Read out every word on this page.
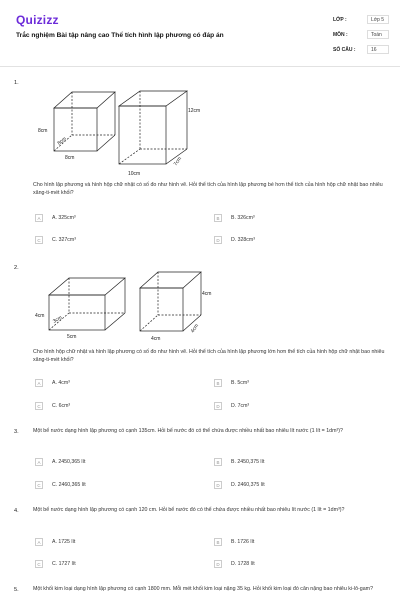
Quizizz
Trắc nghiệm Bài tập nâng cao Thể tích hình lập phương có đáp án
LỚP :	Lớp 5
MÔN :	Toán
SỐ CÂU :	16
1.
8cm
8cm
8cm
12cm
7cm
10cm
Cho hình lập phương và hình hộp chữ nhật có số đo như hình vẽ. Hỏi thể tích của hình lập phương bé hơn thể tích của hình hộp chữ nhật bao nhiêu xăng-ti-mét khối?
A	A. 325cm³	B	B. 326cm³
C	C. 327cm³	D	D. 328cm³
2.
4cm 3cm
5cm
4cm
4cm
4cm
Cho hình hộp chữ nhật và hình lập phương có số đo như hình vẽ. Hỏi thể tích của hình lập phương lớn hơn thể tích của hình hộp chữ nhật bao nhiêu xăng-ti-mét khối?
A	A. 4cm³	B	B. 5cm³
C	C. 6cm³	D	D. 7cm³
3.	Một bể nước dạng hình lập phương có cạnh 135cm. Hỏi bể nước đó có thể chứa được nhiều nhất bao nhiêu lít nước (1 lít = 1dm³)?
A	A. 2450,365 lít	B	B. 2450,375 lít
C	C. 2460,365 lít	D	D. 2460,375 lít
4.	Một bể nước dạng hình lập phương có cạnh 120 cm. Hỏi bể nước đó có thể chứa được nhiều nhất bao nhiêu lít nước (1 lít = 1dm³)?
A	A. 1725 lít	B	B. 1726 lít
C	C. 1727 lít	D	D. 1728 lít
5.	Một khối kim loại dạng hình lập phương có cạnh 1800 mm. Mỗi mét khối kim loại nặng 35 kg. Hỏi khối kim loại đó cân nặng bao nhiêu ki-lô-gam?
